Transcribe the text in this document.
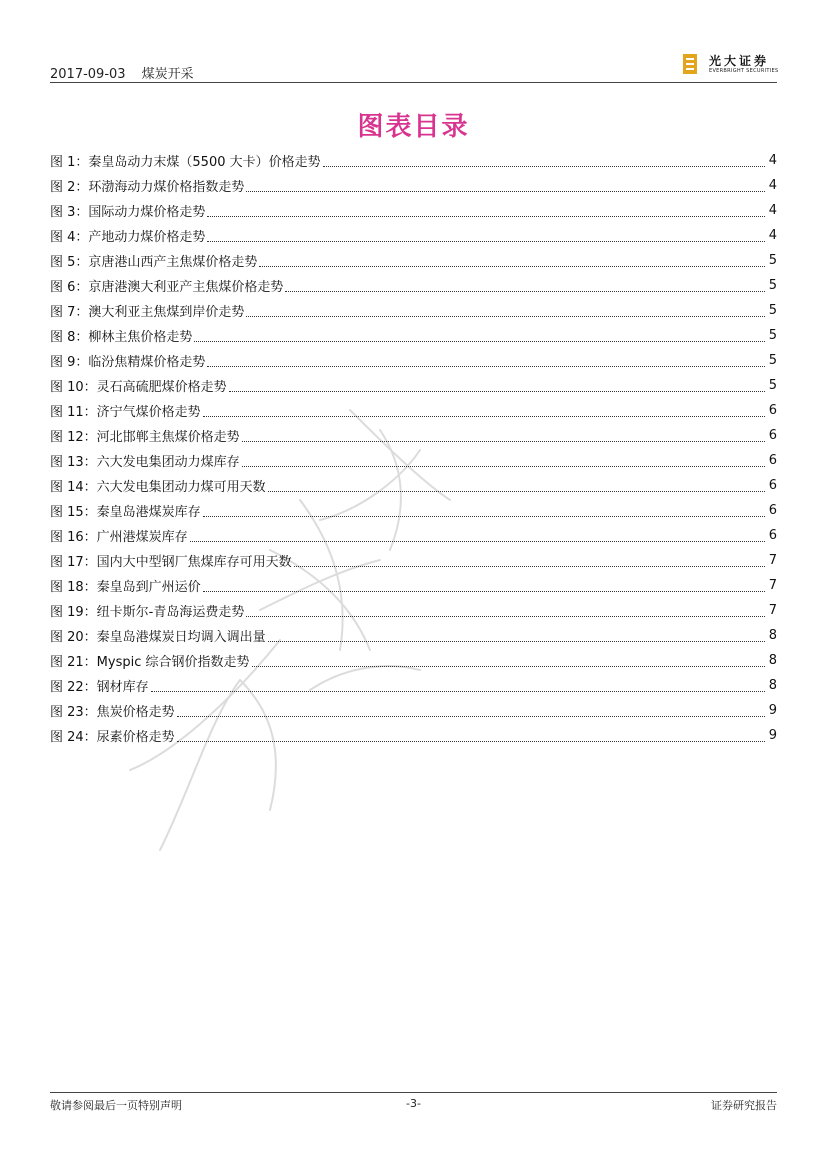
2017-09-03 煤炭开采
光大证券
EVERBRIGHT SECURITIES
图表目录
图 1：秦皇岛动力末煤（5500 大卡）价格走势	4
图 2：环渤海动力煤价格指数走势	4
图 3：国际动力煤价格走势	4
图 4：产地动力煤价格走势	4
图 5：京唐港山西产主焦煤价格走势	5
图 6：京唐港澳大利亚产主焦煤价格走势	5
图 7：澳大利亚主焦煤到岸价走势	5
图 8：柳林主焦价格走势	5
图 9：临汾焦精煤价格走势	5
图 10：灵石高硫肥煤价格走势	5
图 11：济宁气煤价格走势	6
图 12：河北邯郸主焦煤价格走势	6
图 13：六大发电集团动力煤库存	6
图 14：六大发电集团动力煤可用天数	6
图 15：秦皇岛港煤炭库存	6
图 16：广州港煤炭库存	6
图 17：国内大中型钢厂焦煤库存可用天数	7
图 18：秦皇岛到广州运价	7
图 19：纽卡斯尔-青岛海运费走势	7
图 20：秦皇岛港煤炭日均调入调出量	8
图 21：Myspic 综合钢价指数走势	8
图 22：钢材库存	8
图 23：焦炭价格走势	9
图 24：尿素价格走势	9
敬请参阅最后一页特别声明	-3-	证券研究报告
